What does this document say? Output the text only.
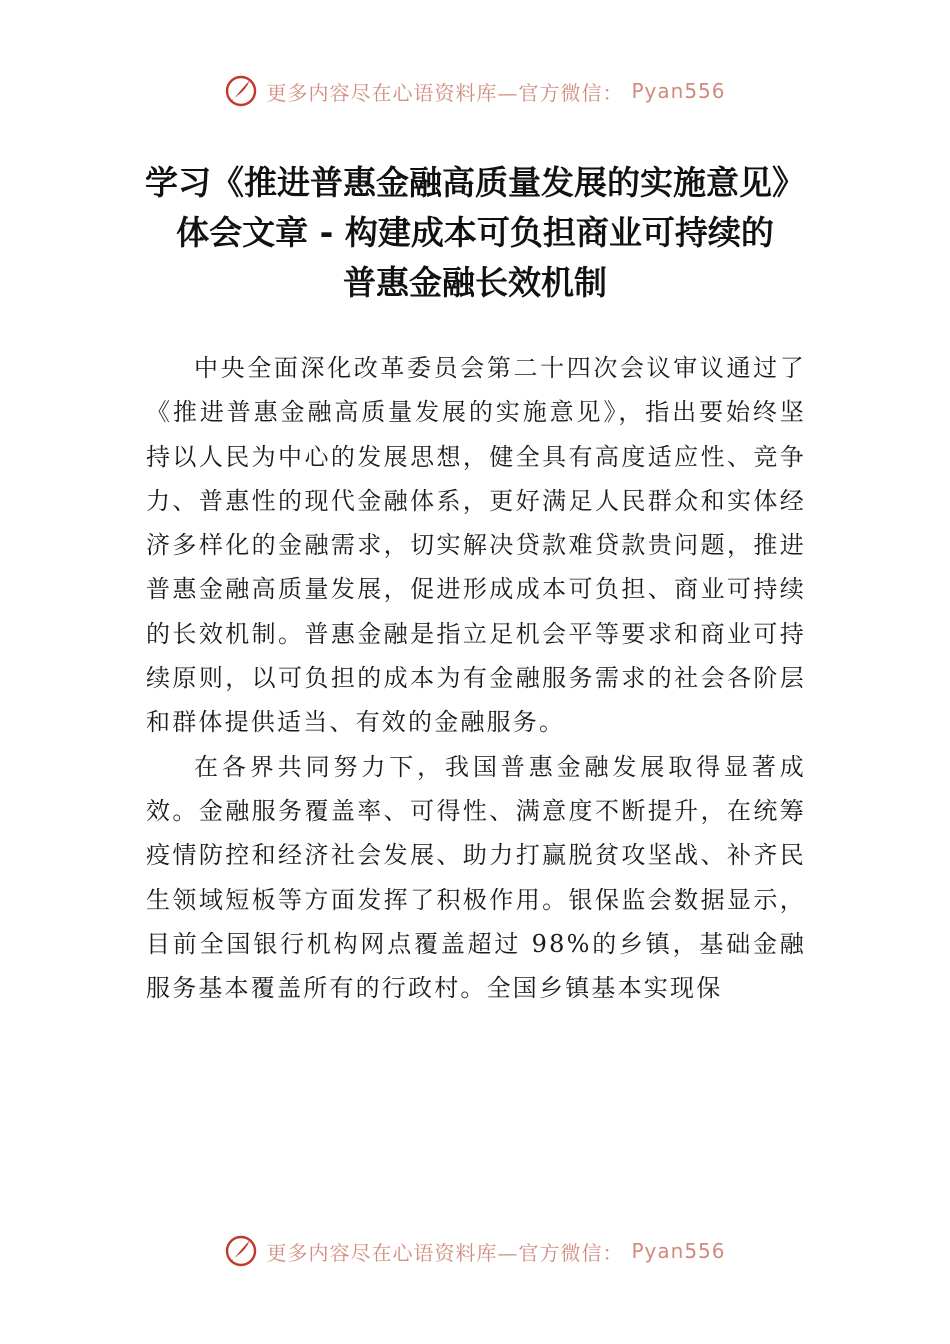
更多内容尽在心语资料库—官方微信： Pyan556
学习《推进普惠金融高质量发展的实施意见》
体会文章 - 构建成本可负担商业可持续的
普惠金融长效机制

中央全面深化改革委员会第二十四次会议审议通过了《推进普惠金融高质量发展的实施意见》，指出要始终坚持以人民为中心的发展思想，健全具有高度适应性、竞争力、普惠性的现代金融体系，更好满足人民群众和实体经济多样化的金融需求，切实解决贷款难贷款贵问题，推进普惠金融高质量发展，促进形成成本可负担、商业可持续的长效机制。普惠金融是指立足机会平等要求和商业可持续原则，以可负担的成本为有金融服务需求的社会各阶层和群体提供适当、有效的金融服务。

在各界共同努力下，我国普惠金融发展取得显著成效。金融服务覆盖率、可得性、满意度不断提升，在统筹疫情防控和经济社会发展、助力打赢脱贫攻坚战、补齐民生领域短板等方面发挥了积极作用。银保监会数据显示，目前全国银行机构网点覆盖超过 98%的乡镇，基础金融服务基本覆盖所有的行政村。全国乡镇基本实现保

更多内容尽在心语资料库—官方微信： Pyan556
